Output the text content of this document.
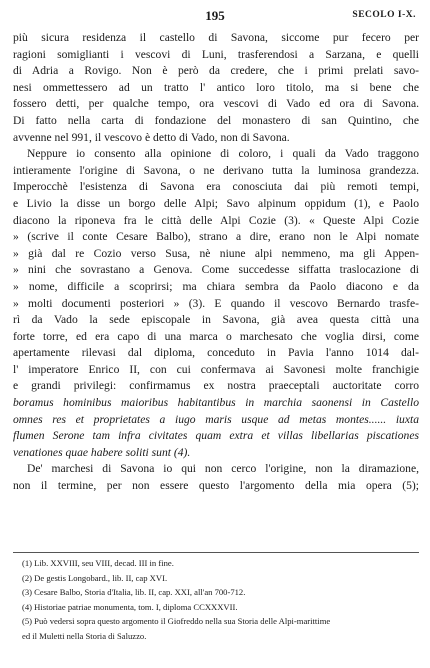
195	SECOLO I-X.
più sicura residenza il castello di Savona, siccome pur fecero per
ragioni somiglianti i vescovi di Luni, trasferendosi a Sarzana, e quelli
di Adria a Rovigo. Non è però da credere, che i primi prelati savo-
nesi ommettessero ad un tratto l' antico loro titolo, ma si bene che
fossero detti, per qualche tempo, ora vescovi di Vado ed ora di Savona.
Di fatto nella carta di fondazione del monastero di san Quintino, che
avvenne nel 991, il vescovo è detto di Vado, non di Savona.
Neppure io consento alla opinione di coloro, i quali da Vado traggono
intieramente l'origine di Savona, o ne derivano tutta la luminosa grandezza.
Imperocchè l'esistenza di Savona era conosciuta dai più remoti tempi,
e Livio la disse un borgo delle Alpi; Savo alpinum oppidum (1), e Paolo
diacono la riponeva fra le città delle Alpi Cozie (3). « Queste Alpi Cozie
» (scrive il conte Cesare Balbo), strano a dire, erano non le Alpi nomate
» già dal re Cozio verso Susa, nè niune alpi nemmeno, ma gli Appen-
» nini che sovrastano a Genova. Come succedesse siffatta traslocazione di
» nome, difficile a scoprirsi; ma chiara sembra da Paolo diacono e da
» molti documenti posteriori » (3). E quando il vescovo Bernardo trasfe-
rì da Vado la sede episcopale in Savona, già avea questa città una
forte torre, ed era capo di una marca o marchesato che voglia dirsi, come
apertamente rilevasi dal diploma, conceduto in Pavia l'anno 1014 dal-
l' imperatore Enrico II, con cui confermava ai Savonesi molte franchigie
e grandi privilegi: confirmamus ex nostra praeceptali auctoritate corro
boramus hominibus maioribus habitantibus in marchia saonensi in Castello
omnes res et proprietates a iugo maris usque ad metas montes...... iuxta
flumen Serone tam infra civitates quam extra et villas libellarias piscationes
venationes quae habere soliti sunt (4).
De' marchesi di Savona io qui non cerco l'origine, non la diramazione,
non il termine, per non essere questo l'argomento della mia opera (5);
(1) Lib. XXVIII, seu VIII, decad. III in fine.
(2) De gestis Longobard., lib. II, cap XVI.
(3) Cesare Balbo, Storia d'Italia, lib. II, cap. XXI, all'an 700-712.
(4) Historiae patriae monumenta, tom. I, diploma CCXXXVII.
(5) Può vedersi sopra questo argomento il Giofreddo nella sua Storia delle Alpi-marittime
ed il Muletti nella Storia di Saluzzo.
